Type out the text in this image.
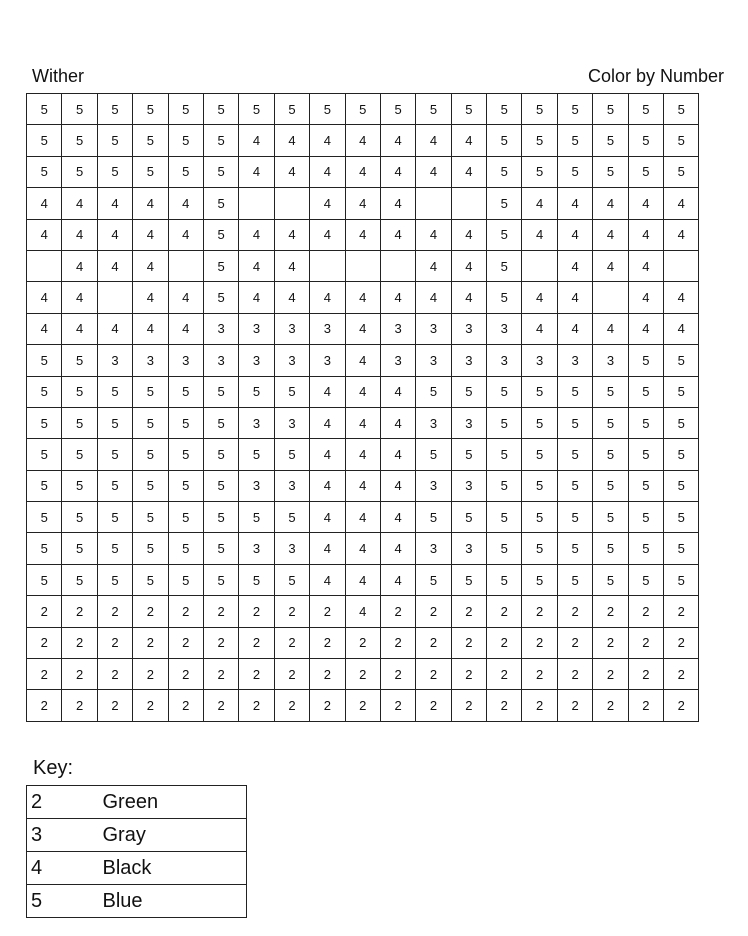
Wither	Color by Number
5	5	5	5	5	5	5	5	5	5	5	5	5	5	5	5	5	5	5
5	5	5	5	5	5	4	4	4	4	4	4	4	5	5	5	5	5	5
5	5	5	5	5	5	4	4	4	4	4	4	4	5	5	5	5	5	5
4	4	4	4	4	5			4	4	4			5	4	4	4	4	4
4	4	4	4	4	5	4	4	4	4	4	4	4	5	4	4	4	4	4
	4	4	4		5	4	4				4	4	5		4	4	4	
4	4		4	4	5	4	4	4	4	4	4	4	5	4	4		4	4
4	4	4	4	4	3	3	3	3	4	3	3	3	3	4	4	4	4	4
5	5	3	3	3	3	3	3	3	4	3	3	3	3	3	3	3	5	5
5	5	5	5	5	5	5	5	4	4	4	5	5	5	5	5	5	5	5
5	5	5	5	5	5	3	3	4	4	4	3	3	5	5	5	5	5	5
5	5	5	5	5	5	5	5	4	4	4	5	5	5	5	5	5	5	5
5	5	5	5	5	5	3	3	4	4	4	3	3	5	5	5	5	5	5
5	5	5	5	5	5	5	5	4	4	4	5	5	5	5	5	5	5	5
5	5	5	5	5	5	3	3	4	4	4	3	3	5	5	5	5	5	5
5	5	5	5	5	5	5	5	4	4	4	5	5	5	5	5	5	5	5
2	2	2	2	2	2	2	2	2	4	2	2	2	2	2	2	2	2	2
2	2	2	2	2	2	2	2	2	2	2	2	2	2	2	2	2	2	2
2	2	2	2	2	2	2	2	2	2	2	2	2	2	2	2	2	2	2
2	2	2	2	2	2	2	2	2	2	2	2	2	2	2	2	2	2	2
Key:
2	Green
3	Gray
4	Black
5	Blue
